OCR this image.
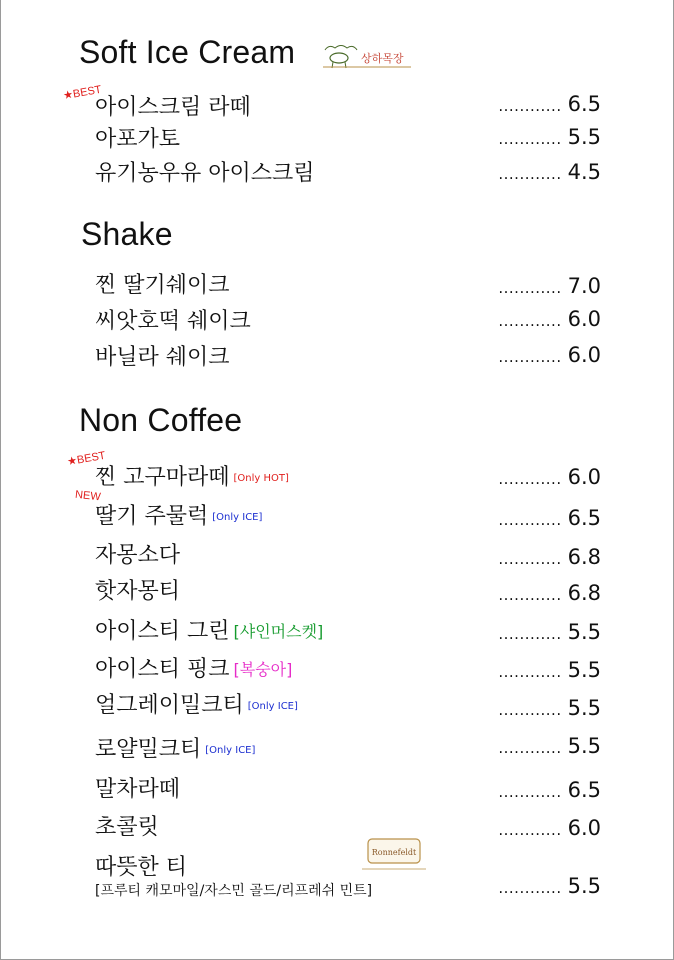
Soft Ice Cream	상하목장
★BEST
아이스크림 라떼	............ 6.5
아포가토	............ 5.5
유기농우유 아이스크림	............ 4.5
Shake
찐 딸기쉐이크	............ 7.0
씨앗호떡 쉐이크	............ 6.0
바닐라 쉐이크	............ 6.0
Non Coffee
★BEST
찐 고구마라떼 [Only HOT]	............ 6.0
NEW
딸기 주물럭 [Only ICE]	............ 6.5
자몽소다	............ 6.8
핫자몽티	............ 6.8
아이스티 그린 [샤인머스켓]	............ 5.5
아이스티 핑크 [복숭아]	............ 5.5
얼그레이밀크티 [Only ICE]	............ 5.5
로얄밀크티 [Only ICE]	............ 5.5
말차라떼	............ 6.5
초콜릿	............ 6.0
Ronnefeldt
따뜻한 티
[프루티 캐모마일/자스민 골드/리프레쉬 민트]	............ 5.5
